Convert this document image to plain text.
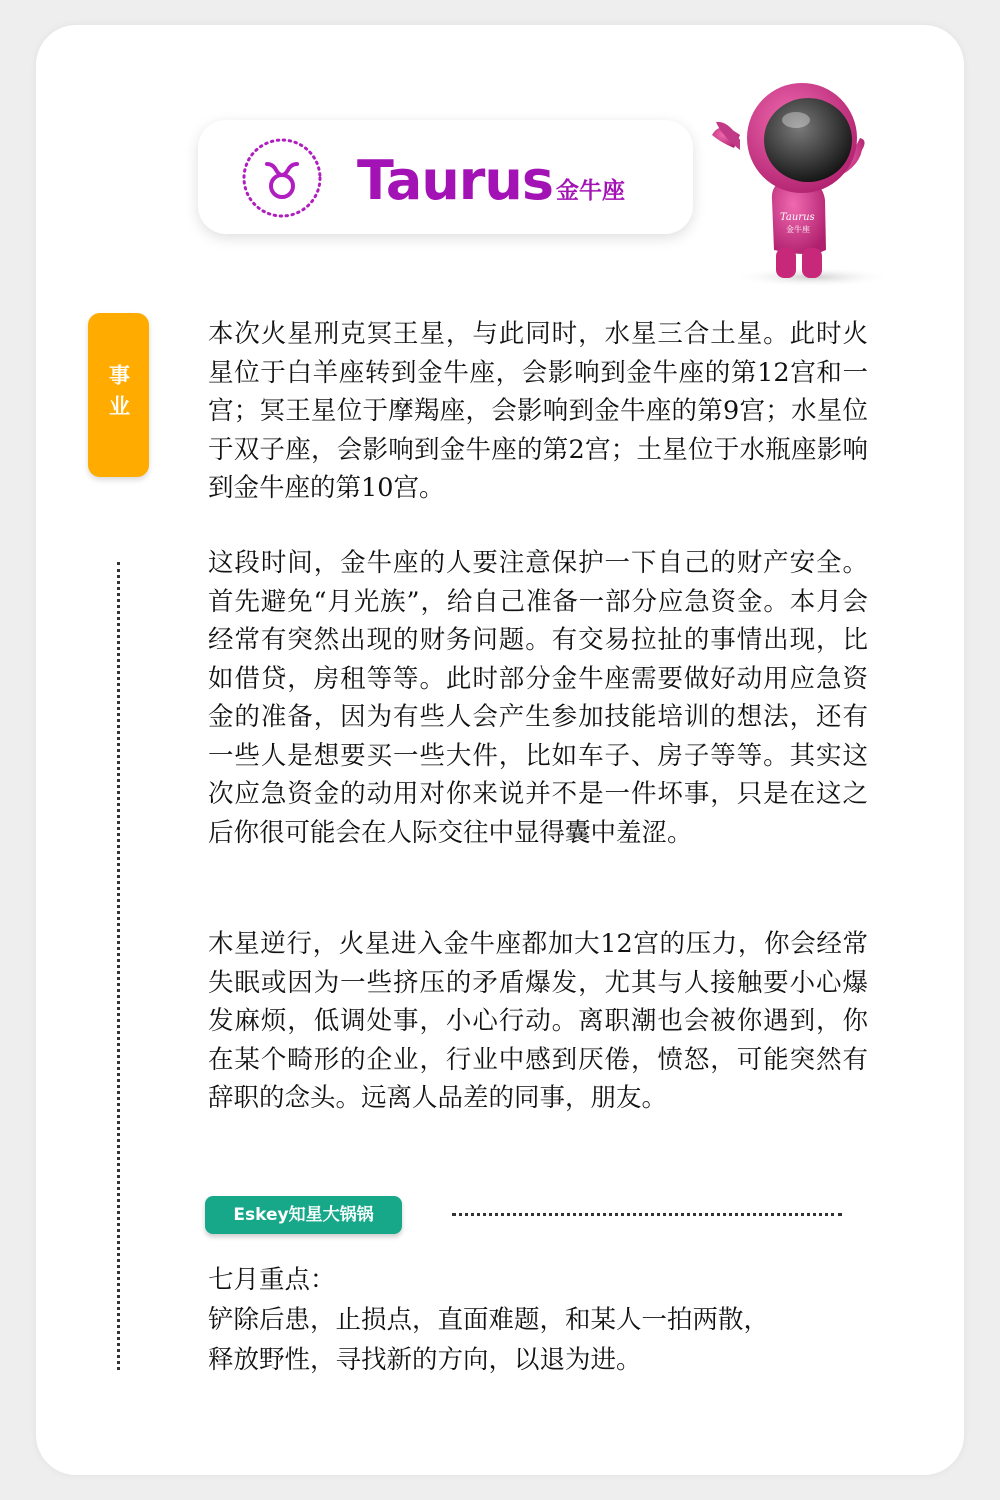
Taurus 金牛座
Taurus
金牛座
事业

本次火星刑克冥王星，与此同时，水星三合土星。此时火星位于白羊座转到金牛座，会影响到金牛座的第12宫和一宫；冥王星位于摩羯座，会影响到金牛座的第9宫；水星位于双子座，会影响到金牛座的第2宫；土星位于水瓶座影响到金牛座的第10宫。

这段时间，金牛座的人要注意保护一下自己的财产安全。首先避免“月光族”，给自己准备一部分应急资金。本月会经常有突然出现的财务问题。有交易拉扯的事情出现，比如借贷，房租等等。此时部分金牛座需要做好动用应急资金的准备，因为有些人会产生参加技能培训的想法，还有一些人是想要买一些大件，比如车子、房子等等。其实这次应急资金的动用对你来说并不是一件坏事，只是在这之后你很可能会在人际交往中显得囊中羞涩。

木星逆行，火星进入金牛座都加大12宫的压力，你会经常失眠或因为一些挤压的矛盾爆发，尤其与人接触要小心爆发麻烦，低调处事，小心行动。离职潮也会被你遇到，你在某个畸形的企业，行业中感到厌倦，愤怒，可能突然有辞职的念头。远离人品差的同事，朋友。

Eskey知星大锅锅

七月重点：

铲除后患，止损点，直面难题，和某人一拍两散，

释放野性，寻找新的方向，以退为进。
